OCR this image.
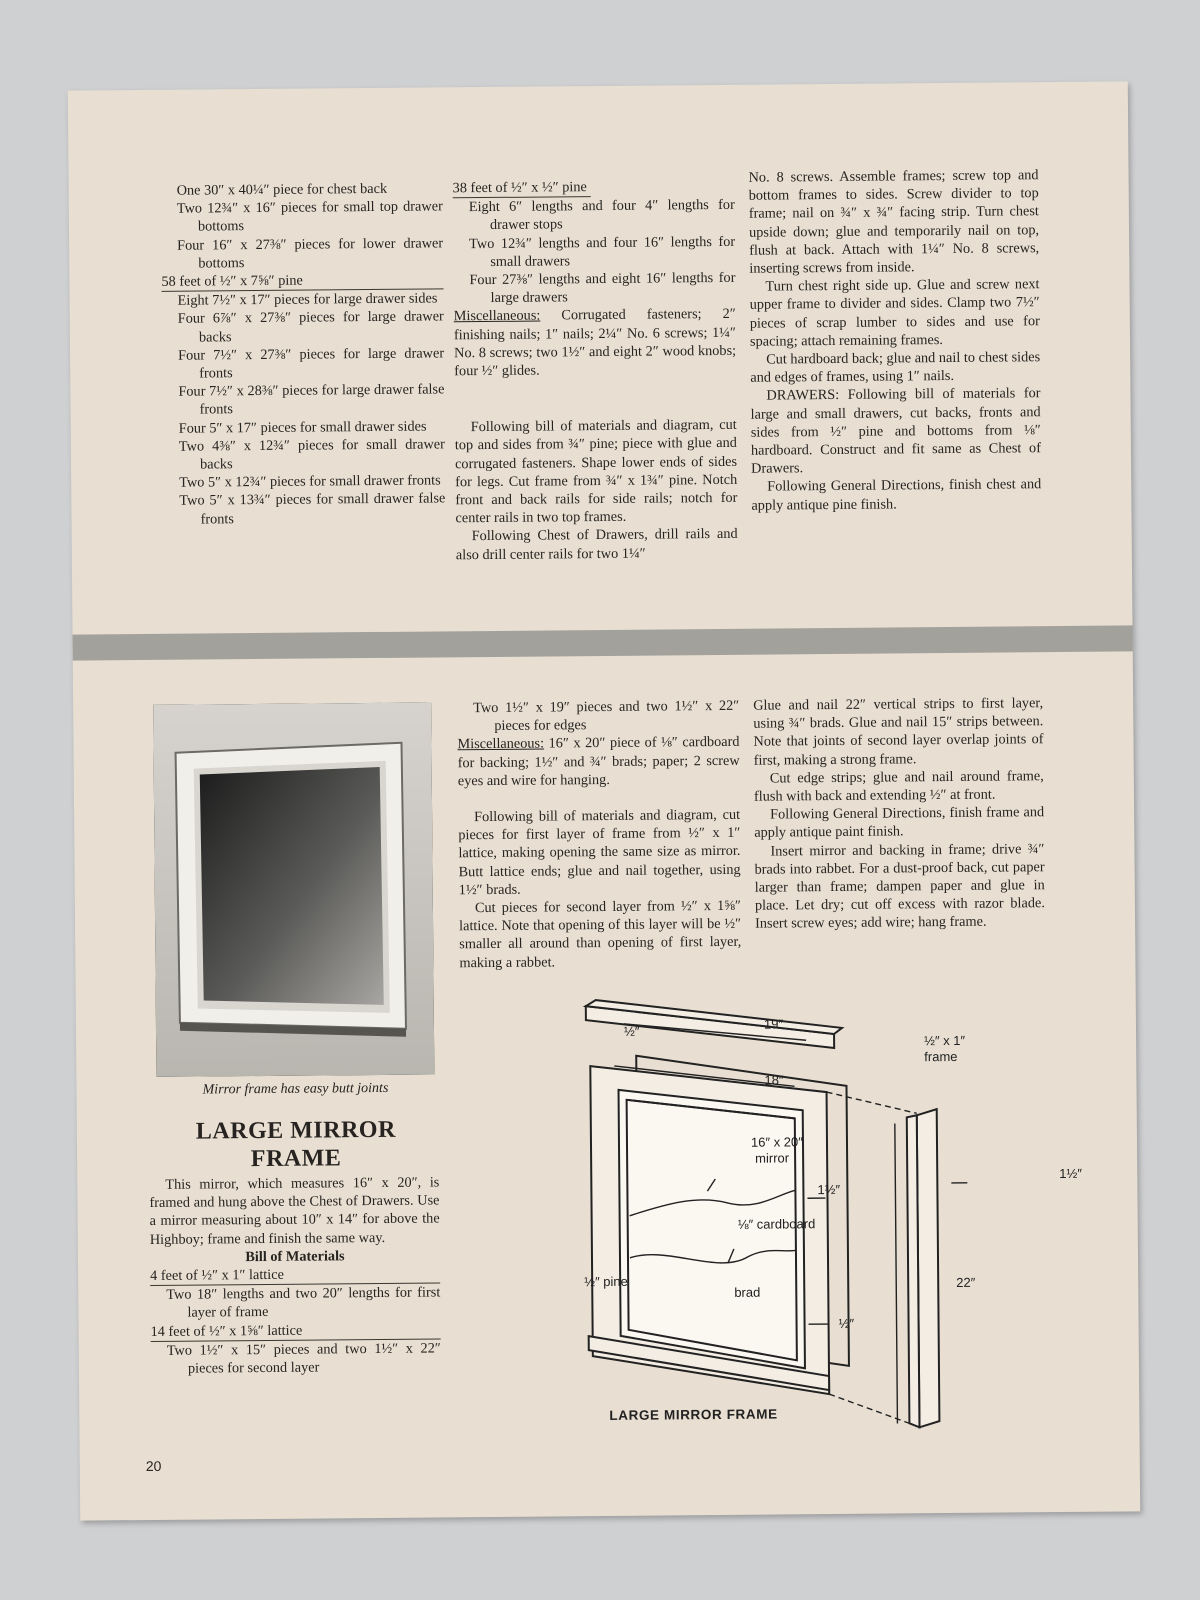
One 30″ x 40¼″ piece for chest back

Two 12¾″ x 16″ pieces for small top drawer bottoms

Four 16″ x 27⅜″ pieces for lower drawer bottoms

58 feet of ½″ x 7⅝″ pine

Eight 7½″ x 17″ pieces for large drawer sides

Four 6⅞″ x 27⅜″ pieces for large drawer backs

Four 7½″ x 27⅜″ pieces for large drawer fronts

Four 7½″ x 28⅜″ pieces for large drawer false fronts

Four 5″ x 17″ pieces for small drawer sides

Two 4⅜″ x 12¾″ pieces for small drawer backs

Two 5″ x 12¾″ pieces for small drawer fronts

Two 5″ x 13¾″ pieces for small drawer false fronts

38 feet of ½″ x ½″ pine

Eight 6″ lengths and four 4″ lengths for drawer stops

Two 12¾″ lengths and four 16″ lengths for small drawers

Four 27⅜″ lengths and eight 16″ lengths for large drawers

Miscellaneous: Corrugated fasteners; 2″ finishing nails; 1″ nails; 2¼″ No. 6 screws; 1¼″ No. 8 screws; two 1½″ and eight 2″ wood knobs; four ½″ glides.

Following bill of materials and diagram, cut top and sides from ¾″ pine; piece with glue and corrugated fasteners. Shape lower ends of sides for legs. Cut frame from ¾″ x 1¾″ pine. Notch front and back rails for side rails; notch for center rails in two top frames.

Following Chest of Drawers, drill rails and also drill center rails for two 1¼″

No. 8 screws. Assemble frames; screw top and bottom frames to sides. Screw divider to top frame; nail on ¾″ x ¾″ facing strip. Turn chest upside down; glue and temporarily nail on top, flush at back. Attach with 1¼″ No. 8 screws, inserting screws from inside.

Turn chest right side up. Glue and screw next upper frame to divider and sides. Clamp two 7½″ pieces of scrap lumber to sides and use for spacing; attach remaining frames.

Cut hardboard back; glue and nail to chest sides and edges of frames, using 1″ nails.

DRAWERS: Following bill of materials for large and small drawers, cut backs, fronts and sides from ½″ pine and bottoms from ⅛″ hardboard. Construct and fit same as Chest of Drawers.

Following General Directions, finish chest and apply antique pine finish.

Mirror frame has easy butt joints
LARGE MIRROR FRAME

This mirror, which measures 16″ x 20″, is framed and hung above the Chest of Drawers. Use a mirror measuring about 10″ x 14″ for above the Highboy; frame and finish the same way.

Bill of Materials

4 feet of ½″ x 1″ lattice

Two 18″ lengths and two 20″ lengths for first layer of frame

14 feet of ½″ x 1⅝″ lattice

Two 1½″ x 15″ pieces and two 1½″ x 22″ pieces for second layer

Two 1½″ x 19″ pieces and two 1½″ x 22″ pieces for edges

Miscellaneous: 16″ x 20″ piece of ⅛″ cardboard for backing; 1½″ and ¾″ brads; paper; 2 screw eyes and wire for hanging.

Following bill of materials and diagram, cut pieces for first layer of frame from ½″ x 1″ lattice, making opening the same size as mirror. Butt lattice ends; glue and nail together, using 1½″ brads.

Cut pieces for second layer from ½″ x 1⅝″ lattice. Note that opening of this layer will be ½″ smaller all around than opening of first layer, making a rabbet.

Glue and nail 22″ vertical strips to first layer, using ¾″ brads. Glue and nail 15″ strips between. Note that joints of second layer overlap joints of first, making a strong frame.

Cut edge strips; glue and nail around frame, flush with back and extending ½″ at front.

Following General Directions, finish frame and apply antique paint finish.

Insert mirror and backing in frame; drive ¾″ brads into rabbet. For a dust-proof back, cut paper larger than frame; dampen paper and glue in place. Let dry; cut off excess with razor blade. Insert screw eyes; add wire; hang frame.

½″	19″
½″ x 1″
frame
18″
16″ x 20″
mirror
1½″
⅛″ cardboard
1½″
½″ pine
brad
22″
½″
LARGE MIRROR FRAME
20
